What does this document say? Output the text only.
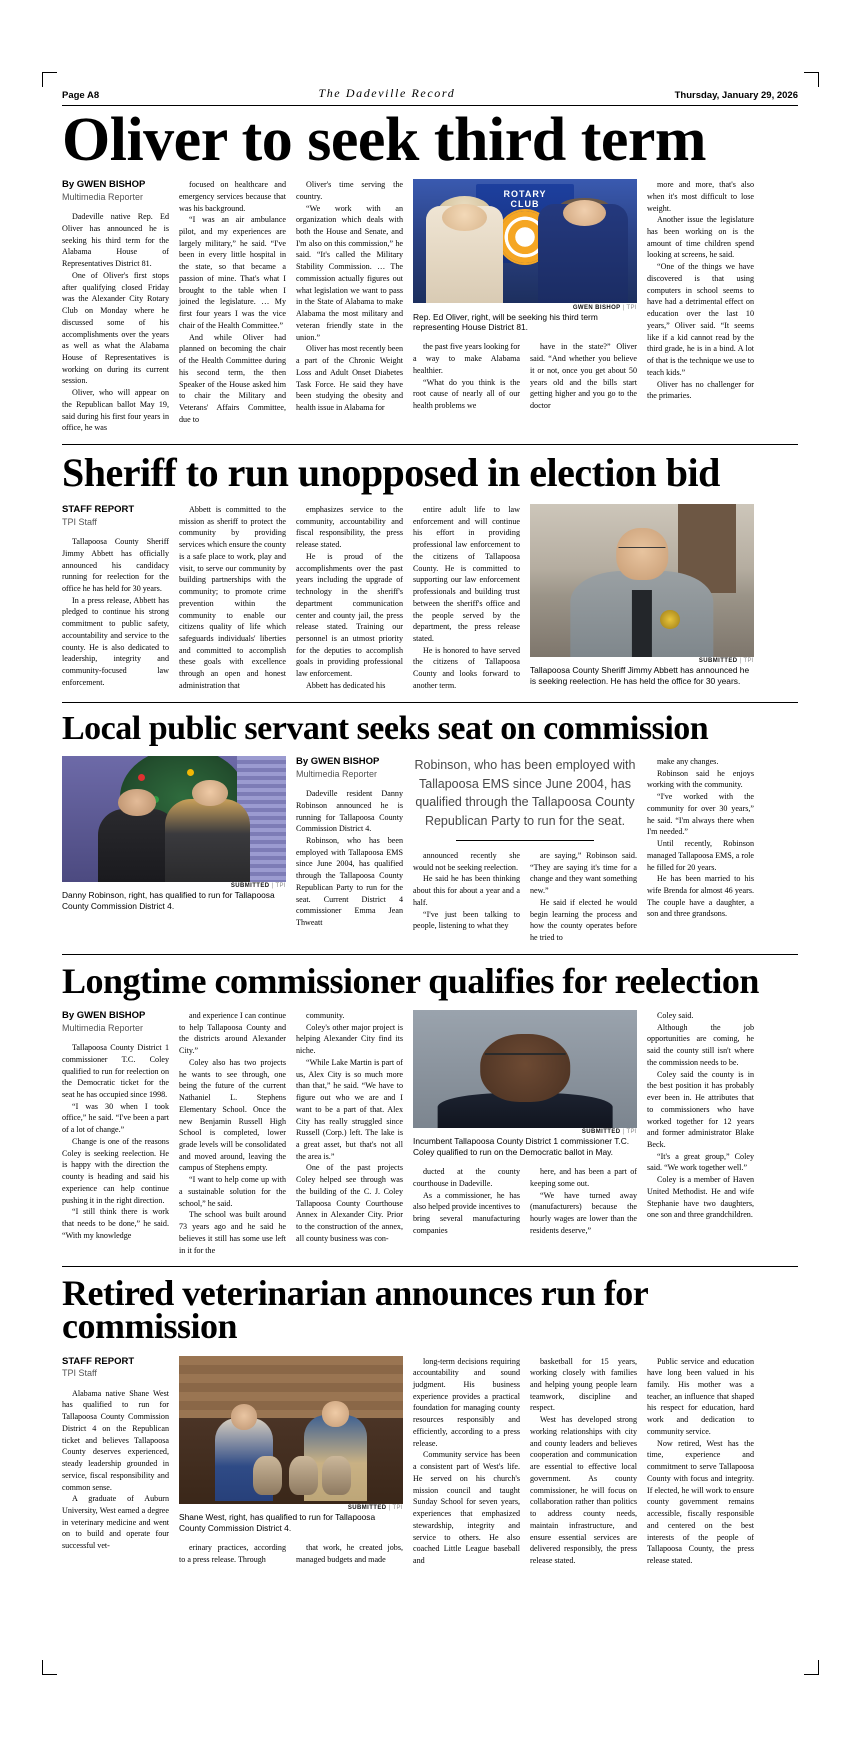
Page A8	The Dadeville Record	Thursday, January 29, 2026
Oliver to seek third term
By GWEN BISHOP
Multimedia Reporter

Dadeville native Rep. Ed Oliver has announced he is seeking his third term for the Alabama House of Representatives District 81.

One of Oliver's first stops after qualifying closed Friday was the Alexander City Rotary Club on Monday where he discussed some of his accomplishments over the years as well as what the Alabama House of Representatives is working on during its current session.

Oliver, who will appear on the Republican ballot May 19, said during his first four years in office, he was

focused on healthcare and emergency services because that was his background.

“I was an air ambulance pilot, and my experiences are largely military,” he said. “I've been in every little hospital in the state, so that became a passion of mine. That's what I brought to the table when I joined the legislature. … My first four years I was the vice chair of the Health Committee.”

And while Oliver had planned on becoming the chair of the Health Committee during his second term, the then Speaker of the House asked him to chair the Military and Veterans' Affairs Committee, due to

Oliver's time serving the country.

“We work with an organization which deals with both the House and Senate, and I'm also on this commission,” he said. “It's called the Military Stability Commission. … The commission actually figures out what legislation we want to pass in the State of Alabama to make Alabama the most military and veteran friendly state in the union.”

Oliver has most recently been a part of the Chronic Weight Loss and Adult Onset Diabetes Task Force. He said they have been studying the obesity and health issue in Alabama for

ROTARY
CLUB
GWEN BISHOP | TPI
Rep. Ed Oliver, right, will be seeking his third term representing House District 81.

the past five years looking for a way to make Alabama healthier.

“What do you think is the root cause of nearly all of our health problems we

have in the state?” Oliver said. “And whether you believe it or not, once you get about 50 years old and the bills start getting higher and you go to the doctor

more and more, that's also when it's most difficult to lose weight.

Another issue the legislature has been working on is the amount of time children spend looking at screens, he said.

“One of the things we have discovered is that using computers in school seems to have had a detrimental effect on education over the last 10 years,” Oliver said. “It seems like if a kid cannot read by the third grade, he is in a bind. A lot of that is the technique we use to teach kids.”

Oliver has no challenger for the primaries.

Sheriff to run unopposed in election bid
STAFF REPORT
TPI Staff

Tallapoosa County Sheriff Jimmy Abbett has officially announced his candidacy running for reelection for the office he has held for 30 years.

In a press release, Abbett has pledged to continue his strong commitment to public safety, accountability and service to the county. He is also dedicated to leadership, integrity and community-focused law enforcement.

Abbett is committed to the mission as sheriff to protect the community by providing services which ensure the county is a safe place to work, play and visit, to serve our community by building partnerships with the community; to promote crime prevention within the community to enable our citizens quality of life which safeguards individuals' liberties and committed to accomplish these goals with excellence through an open and honest administration that

emphasizes service to the community, accountability and fiscal responsibility, the press release stated.

He is proud of the accomplishments over the past years including the upgrade of technology in the sheriff's department communication center and county jail, the press release stated. Training our personnel is an utmost priority for the deputies to accomplish goals in providing professional law enforcement.

Abbett has dedicated his

entire adult life to law enforcement and will continue his effort in providing professional law enforcement to the citizens of Tallapoosa County. He is committed to supporting our law enforcement professionals and building trust between the sheriff's office and the people served by the department, the press release stated.

He is honored to have served the citizens of Tallapoosa County and looks forward to another term.

SUBMITTED | TPI
Tallapoosa County Sheriff Jimmy Abbett has announced he is seeking reelection. He has held the office for 30 years.
Local public servant seeks seat on commission
SUBMITTED | TPI
Danny Robinson, right, has qualified to run for Tallapoosa County Commission District 4.
By GWEN BISHOP
Multimedia Reporter

Dadeville resident Danny Robinson announced he is running for Tallapoosa County Commission District 4.

Robinson, who has been employed with Tallapoosa EMS since June 2004, has qualified through the Tallapoosa County Republican Party to run for the seat. Current District 4 commissioner Emma Jean Thweatt

Robinson, who has been employed with Tallapoosa EMS since June 2004, has qualified through the Tallapoosa County Republican Party to run for the seat.

announced recently she would not be seeking reelection.

He said he has been thinking about this for about a year and a half.

“I've just been talking to people, listening to what they

are saying,” Robinson said. “They are saying it's time for a change and they want something new.”

He said if elected he would begin learning the process and how the county operates before he tried to

make any changes.

Robinson said he enjoys working with the community.

“I've worked with the community for over 30 years,” he said. “I'm always there when I'm needed.”

Until recently, Robinson managed Tallapoosa EMS, a role he filled for 20 years.

He has been married to his wife Brenda for almost 46 years. The couple have a daughter, a son and three grandsons.

Longtime commissioner qualifies for reelection
By GWEN BISHOP
Multimedia Reporter

Tallapoosa County District 1 commissioner T.C. Coley qualified to run for reelection on the Democratic ticket for the seat he has occupied since 1998.

“I was 30 when I took office,” he said. “I've been a part of a lot of change.”

Change is one of the reasons Coley is seeking reelection. He is happy with the direction the county is heading and said his experience can help continue pushing it in the right direction.

“I still think there is work that needs to be done,” he said. “With my knowledge

and experience I can continue to help Tallapoosa County and the districts around Alexander City.”

Coley also has two projects he wants to see through, one being the future of the current Nathaniel L. Stephens Elementary School. Once the new Benjamin Russell High School is completed, lower grade levels will be consolidated and moved around, leaving the campus of Stephens empty.

“I want to help come up with a sustainable solution for the school,” he said.

The school was built around 73 years ago and he said he believes it still has some use left in it for the

community.

Coley's other major project is helping Alexander City find its niche.

“While Lake Martin is part of us, Alex City is so much more than that,” he said. “We have to figure out who we are and I want to be a part of that. Alex City has really struggled since Russell (Corp.) left. The lake is a great asset, but that's not all the area is.”

One of the past projects Coley helped see through was the building of the C. J. Coley Tallapoosa County Courthouse Annex in Alexander City. Prior to the construction of the annex, all county business was con-

SUBMITTED | TPI
Incumbent Tallapoosa County District 1 commissioner T.C. Coley qualified to run on the Democratic ballot in May.

ducted at the county courthouse in Dadeville.

As a commissioner, he has also helped provide incentives to bring several manufacturing companies

here, and has been a part of keeping some out.

“We have turned away (manufacturers) because the hourly wages are lower than the residents deserve,”

Coley said.

Although the job opportunities are coming, he said the county still isn't where the commission needs to be.

Coley said the county is in the best position it has probably ever been in. He attributes that to commissioners who have worked together for 12 years and former administrator Blake Beck.

“It's a great group,” Coley said. “We work together well.”

Coley is a member of Haven United Methodist. He and wife Stephanie have two daughters, one son and three grandchildren.

Retired veterinarian announces run for commission
STAFF REPORT
TPI Staff

Alabama native Shane West has qualified to run for Tallapoosa County Commission District 4 on the Republican ticket and believes Tallapoosa County deserves experienced, steady leadership grounded in service, fiscal responsibility and common sense.

A graduate of Auburn University, West earned a degree in veterinary medicine and went on to build and operate four successful vet-

SUBMITTED | TPI
Shane West, right, has qualified to run for Tallapoosa County Commission District 4.

erinary practices, according to a press release. Through

that work, he created jobs, managed budgets and made

long-term decisions requiring accountability and sound judgment. His business experience provides a practical foundation for managing county resources responsibly and efficiently, according to a press release.

Community service has been a consistent part of West's life. He served on his church's mission council and taught Sunday School for seven years, experiences that emphasized stewardship, integrity and service to others. He also coached Little League baseball and

basketball for 15 years, working closely with families and helping young people learn teamwork, discipline and respect.

West has developed strong working relationships with city and county leaders and believes cooperation and communication are essential to effective local government. As county commissioner, he will focus on collaboration rather than politics to address county needs, maintain infrastructure, and ensure essential services are delivered responsibly, the press release stated.

Public service and education have long been valued in his family. His mother was a teacher, an influence that shaped his respect for education, hard work and dedication to community service.

Now retired, West has the time, experience and commitment to serve Tallapoosa County with focus and integrity. If elected, he will work to ensure county government remains accessible, fiscally responsible and centered on the best interests of the people of Tallapoosa County, the press release stated.
